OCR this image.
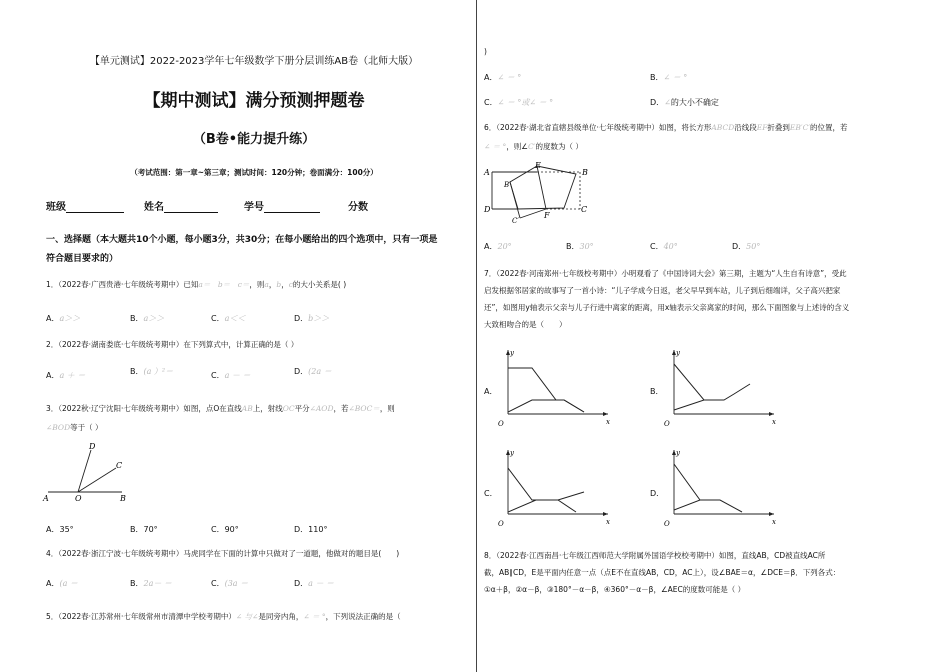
【单元测试】2022-2023学年七年级数学下册分层训练AB卷（北师大版）
【期中测试】满分预测押题卷
（B卷•能力提升练）
（考试范围：第一章~第三章；测试时间：120分钟；卷面满分：100分）
班级	姓名	学号	分数
一、选择题（本大题共10个小题，每小题3分，共30分；在每小题给出的四个选项中，只有一项是
符合题目要求的）
1．（2022春·广西贵港·七年级统考期中）已知a＝　 b＝　 c＝，则a，b，c的大小关系是( )
A．a＞＞	B．a＞＞	C．a＜＜	D．b＞＞
2．（2022春·湖南娄底·七年级统考期中）在下列算式中，计算正确的是（ ）
A．a ＋ ＝	B．(a ）²＝	C．a － ＝	D．(2a ＝
3．（2022秋·辽宁沈阳·七年级统考期中）如图，点O在直线AB上，射线OC平分∠AOD，若∠BOC＝，则
∠BOD等于（ ）
A	O	B
C
D
A．35°	B．70°	C．90°	D．110°
4．（2022春·浙江宁波·七年级统考期中）马虎同学在下面的计算中只做对了一道题，他做对的题目是(　　)
A．(a ＝	B．2a－ ＝	C．(3a ＝	D．a － ＝
5．（2022春·江苏常州·七年级常州市清潭中学校考期中）∠ 与∠是同旁内角，∠ ＝ °，下列说法正确的是（
)
A．∠ ＝ °	B．∠ ＝ °
C．∠ ＝ °或∠ ＝ °	D．∠的大小不确定
6．（2022春·湖北省直辖县级单位·七年级统考期中）如图，将长方形ABCD沿线段EF折叠到EB′C′的位置，若
∠ ＝ °，则∠C′的度数为（ ）
A
B′
E
D
C′
F
C
B
A．20°	B．30°	C．40°	D．50°
7．（2022春·河南郑州·七年级校考期中）小明观看了《中国诗词大会》第三期，主题为“人生自有诗意”，受此
启发根据邻居家的故事写了一首小诗：“儿子学成今日返，老父早早到车站，儿子到后细端详，父子高兴把家
还”，如图用y轴表示父亲与儿子行进中离家的距离，用x轴表示父亲离家的时间，那么下面图象与上述诗的含义
大致相吻合的是（　　）
A．
y
x
O
B．
y
x
O
C．
y
x
O
D．
y
x
O
8．（2022春·江西南昌·七年级江西师范大学附属外国语学校校考期中）如图，直线AB，CD被直线AC所
截，AB∥CD，E是平面内任意一点（点E不在直线AB，CD，AC上），设∠BAE＝α，∠DCE＝β．下列各式：
①α＋β，②α－β，③180°－α－β，④360°－α－β，∠AEC的度数可能是（ ）
